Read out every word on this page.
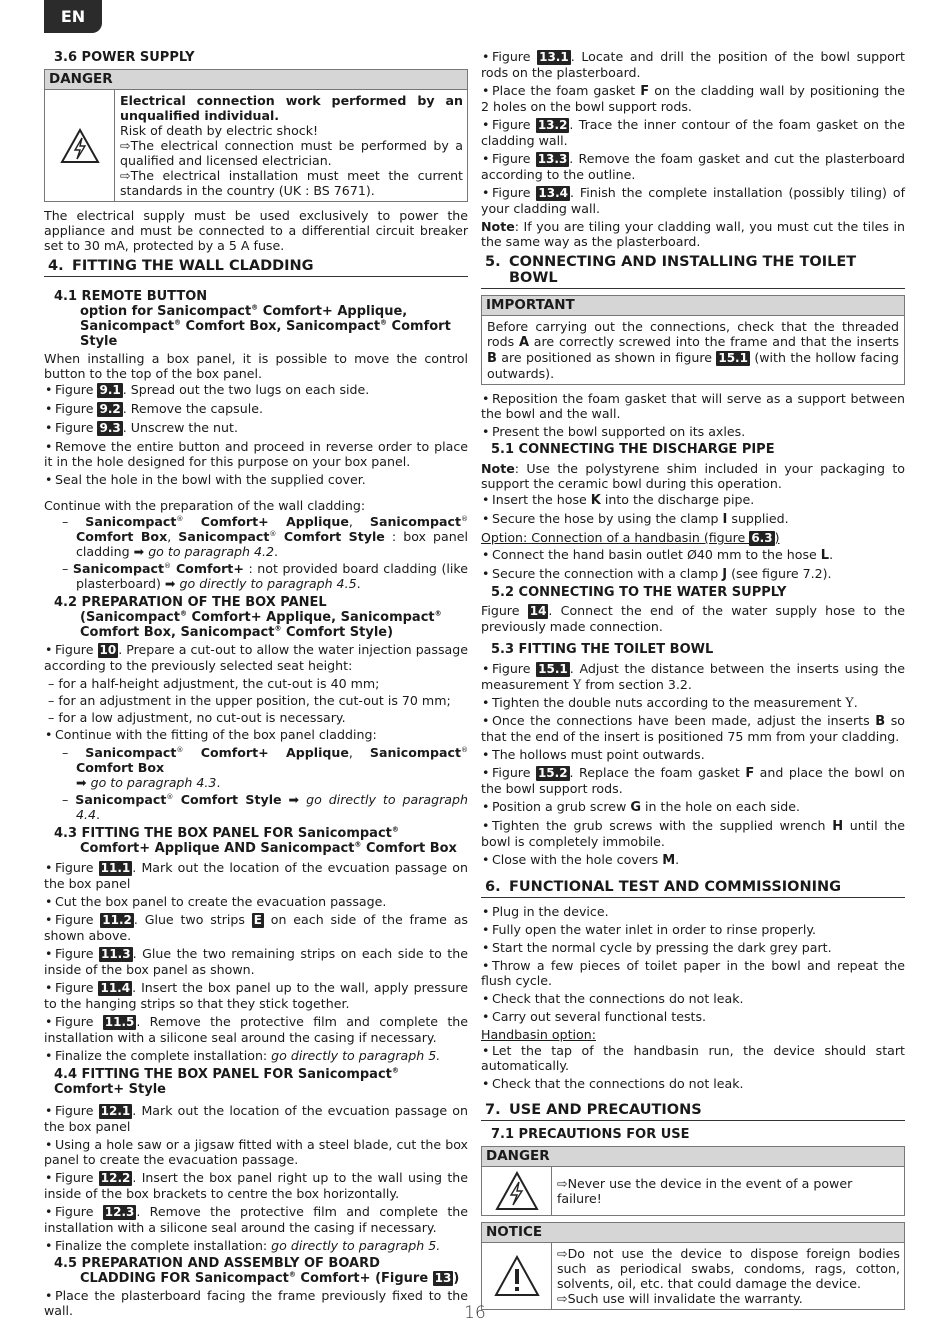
EN
3.6 POWER SUPPLY
DANGER
Electrical connection work performed by an unqualified individual.
Risk of death by electric shock!
⇨The electrical connection must be performed by a qualified and licensed electrician.
⇨The electrical installation must meet the current standards in the country (UK : BS 7671).

The electrical supply must be used exclusively to power the appliance and must be connected to a differential circuit breaker set to 30 mA, protected by a 5 A fuse.

4. FITTING THE WALL CLADDING
4.1 REMOTE BUTTON
option for Sanicompact® Comfort+ Applique,
Sanicompact® Comfort Box, Sanicompact® Comfort Style

When installing a box panel, it is possible to move the control button to the top of the box panel.

• Figure 9.1 . Spread out the two lugs on each side.
• Figure 9.2 . Remove the capsule.
• Figure 9.3 . Unscrew the nut.
• Remove the entire button and proceed in reverse order to place it in the hole designed for this purpose on your box panel.
• Seal the hole in the bowl with the supplied cover.

Continue with the preparation of the wall cladding:

– Sanicompact® Comfort+ Applique, Sanicompact® Comfort Box, Sanicompact® Comfort Style : box panel cladding ➡ go to paragraph 4.2.
– Sanicompact® Comfort+ : not provided board cladding (like plasterboard) ➡ go directly to paragraph 4.5.
4.2 PREPARATION OF THE BOX PANEL
(Sanicompact® Comfort+ Applique, Sanicompact®
Comfort Box, Sanicompact® Comfort Style)
• Figure 10 . Prepare a cut-out to allow the water injection passage according to the previously selected seat height:
– for a half-height adjustment, the cut-out is 40 mm;
– for an adjustment in the upper position, the cut-out is 70 mm;
– for a low adjustment, no cut-out is necessary.
• Continue with the fitting of the box panel cladding:
– Sanicompact® Comfort+ Applique, Sanicompact® Comfort Box
➡ go to paragraph 4.3.
– Sanicompact® Comfort Style ➡ go directly to paragraph 4.4.
4.3 FITTING THE BOX PANEL FOR Sanicompact®
Comfort+ Applique AND Sanicompact® Comfort Box
• Figure 11.1 . Mark out the location of the evcuation passage on the box panel
• Cut the box panel to create the evacuation passage.
• Figure 11.2 . Glue two strips E on each side of the frame as shown above.
• Figure 11.3 . Glue the two remaining strips on each side to the inside of the box panel as shown.
• Figure 11.4 . Insert the box panel up to the wall, apply pressure to the hanging strips so that they stick together.
• Figure 11.5 . Remove the protective film and complete the installation with a silicone seal around the casing if necessary.
• Finalize the complete installation: go directly to paragraph 5.
4.4 FITTING THE BOX PANEL FOR Sanicompact®
Comfort+ Style
• Figure 12.1 . Mark out the location of the evcuation passage on the box panel
• Using a hole saw or a jigsaw fitted with a steel blade, cut the box panel to create the evacuation passage.
• Figure 12.2 . Insert the box panel right up to the wall using the inside of the box brackets to centre the box horizontally.
• Figure 12.3 . Remove the protective film and complete the installation with a silicone seal around the casing if necessary.
• Finalize the complete installation: go directly to paragraph 5.
4.5 PREPARATION AND ASSEMBLY OF BOARD
CLADDING FOR Sanicompact® Comfort+ (Figure 13 )
• Place the plasterboard facing the frame previously fixed to the wall.
• Figure 13.1 . Locate and drill the position of the bowl support rods on the plasterboard.
• Place the foam gasket F on the cladding wall by positioning the 2 holes on the bowl support rods.
• Figure 13.2 . Trace the inner contour of the foam gasket on the cladding wall.
• Figure 13.3 . Remove the foam gasket and cut the plasterboard according to the outline.
• Figure 13.4 . Finish the complete installation (possibly tiling) of your cladding wall.

Note: If you are tiling your cladding wall, you must cut the tiles in the same way as the plasterboard.

5. CONNECTING AND INSTALLING THE TOILET
BOWL
IMPORTANT
Before carrying out the connections, check that the threaded rods A are correctly screwed into the frame and that the inserts B are positioned as shown in figure 15.1 (with the hollow facing outwards).
• Reposition the foam gasket that will serve as a support between the bowl and the wall.
• Present the bowl supported on its axles.
5.1 CONNECTING THE DISCHARGE PIPE

Note: Use the polystyrene shim included in your packaging to support the ceramic bowl during this operation.

• Insert the hose K into the discharge pipe.
• Secure the hose by using the clamp I supplied.
Option: Connection of a handbasin (figure 6.3 )
• Connect the hand basin outlet Ø40 mm to the hose L.
• Secure the connection with a clamp J (see figure 7.2).
5.2 CONNECTING TO THE WATER SUPPLY

Figure 14 . Connect the end of the water supply hose to the previously made connection.

5.3 FITTING THE TOILET BOWL
• Figure 15.1 . Adjust the distance between the inserts using the measurement Y from section 3.2.
• Tighten the double nuts according to the measurement Y.
• Once the connections have been made, adjust the inserts B so that the end of the insert is positioned 75 mm from your cladding.
• The hollows must point outwards.
• Figure 15.2 . Replace the foam gasket F and place the bowl on the bowl support rods.
• Position a grub screw G in the hole on each side.
• Tighten the grub screws with the supplied wrench H until the bowl is completely immobile.
• Close with the hole covers M.
6. FUNCTIONAL TEST AND COMMISSIONING
• Plug in the device.
• Fully open the water inlet in order to rinse properly.
• Start the normal cycle by pressing the dark grey part.
• Throw a few pieces of toilet paper in the bowl and repeat the flush cycle.
• Check that the connections do not leak.
• Carry out several functional tests.
Handbasin option:
• Let the tap of the handbasin run, the device should start automatically.
• Check that the connections do not leak.
7. USE AND PRECAUTIONS
7.1 PRECAUTIONS FOR USE
DANGER
⇨Never use the device in the event of a power failure!
NOTICE
⇨Do not use the device to dispose foreign bodies such as periodical swabs, condoms, rags, cotton, solvents, oil, etc. that could damage the device.
⇨Such use will invalidate the warranty.
16
